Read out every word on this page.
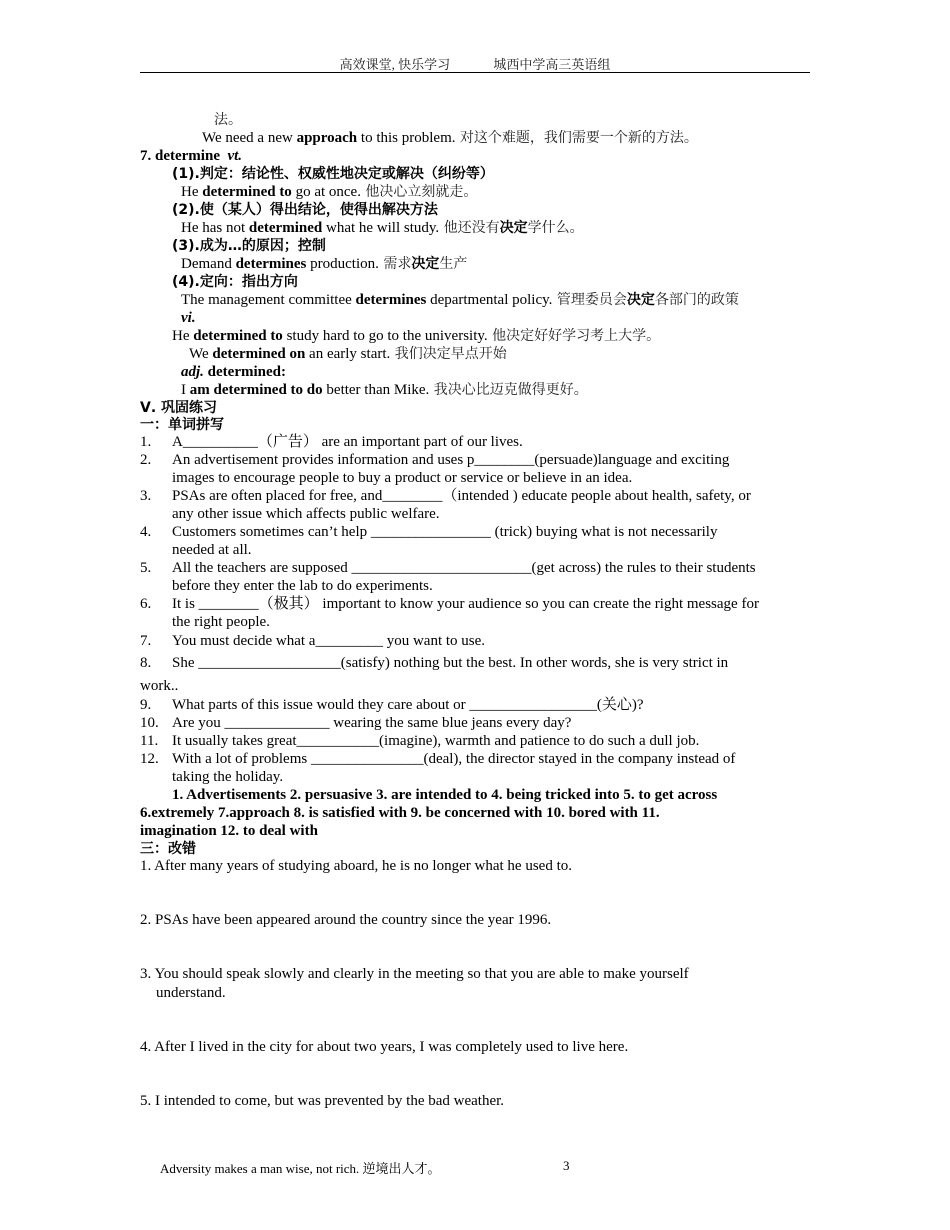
高效课堂, 快乐学习	城西中学高三英语组
法。
We need a new approach to this problem. 对这个难题，我们需要一个新的方法。
7. determine vt.
(1).判定：结论性、权威性地决定或解决（纠纷等）
He determined to go at once. 他决心立刻就走。
(2).使（某人）得出结论，使得出解决方法
He has not determined what he will study. 他还没有决定学什么。
(3).成为…的原因；控制
Demand determines production. 需求决定生产
(4).定向：指出方向
The management committee determines departmental policy. 管理委员会决定各部门的政策
vi.
He determined to study hard to go to the university. 他决定好好学习考上大学。
We determined on an early start. 我们决定早点开始
adj. determined:
I am determined to do better than Mike. 我决心比迈克做得更好。
Ⅴ. 巩固练习
一：单词拼写
1. A__________（广告） are an important part of our lives.
2. An advertisement provides information and uses p________(persuade)language and exciting
images to encourage people to buy a product or service or believe in an idea.
3. PSAs are often placed for free, and________（intended ) educate people about health, safety, or
any other issue which affects public welfare.
4. Customers sometimes can’t help ________________ (trick) buying what is not necessarily
needed at all.
5. All the teachers are supposed ________________________(get across) the rules to their students
before they enter the lab to do experiments.
6. It is ________（极其） important to know your audience so you can create the right message for
the right people.
7. You must decide what a_________ you want to use.
8. She ___________________(satisfy) nothing but the best. In other words, she is very strict in
work..
9. What parts of this issue would they care about or _________________(关心)?
10. Are you ______________ wearing the same blue jeans every day?
11. It usually takes great___________(imagine), warmth and patience to do such a dull job.
12. With a lot of problems _______________(deal), the director stayed in the company instead of
taking the holiday.
1. Advertisements 2. persuasive 3. are intended to 4. being tricked into 5. to get across
6.extremely 7.approach 8. is satisfied with 9. be concerned with 10. bored with 11.
imagination 12. to deal with
三：改错
1. After many years of studying aboard, he is no longer what he used to.
2. PSAs have been appeared around the country since the year 1996.
3. You should speak slowly and clearly in the meeting so that you are able to make yourself
understand.
4. After I lived in the city for about two years, I was completely used to live here.
5. I intended to come, but was prevented by the bad weather.
Adversity makes a man wise, not rich. 逆境出人才。	3
